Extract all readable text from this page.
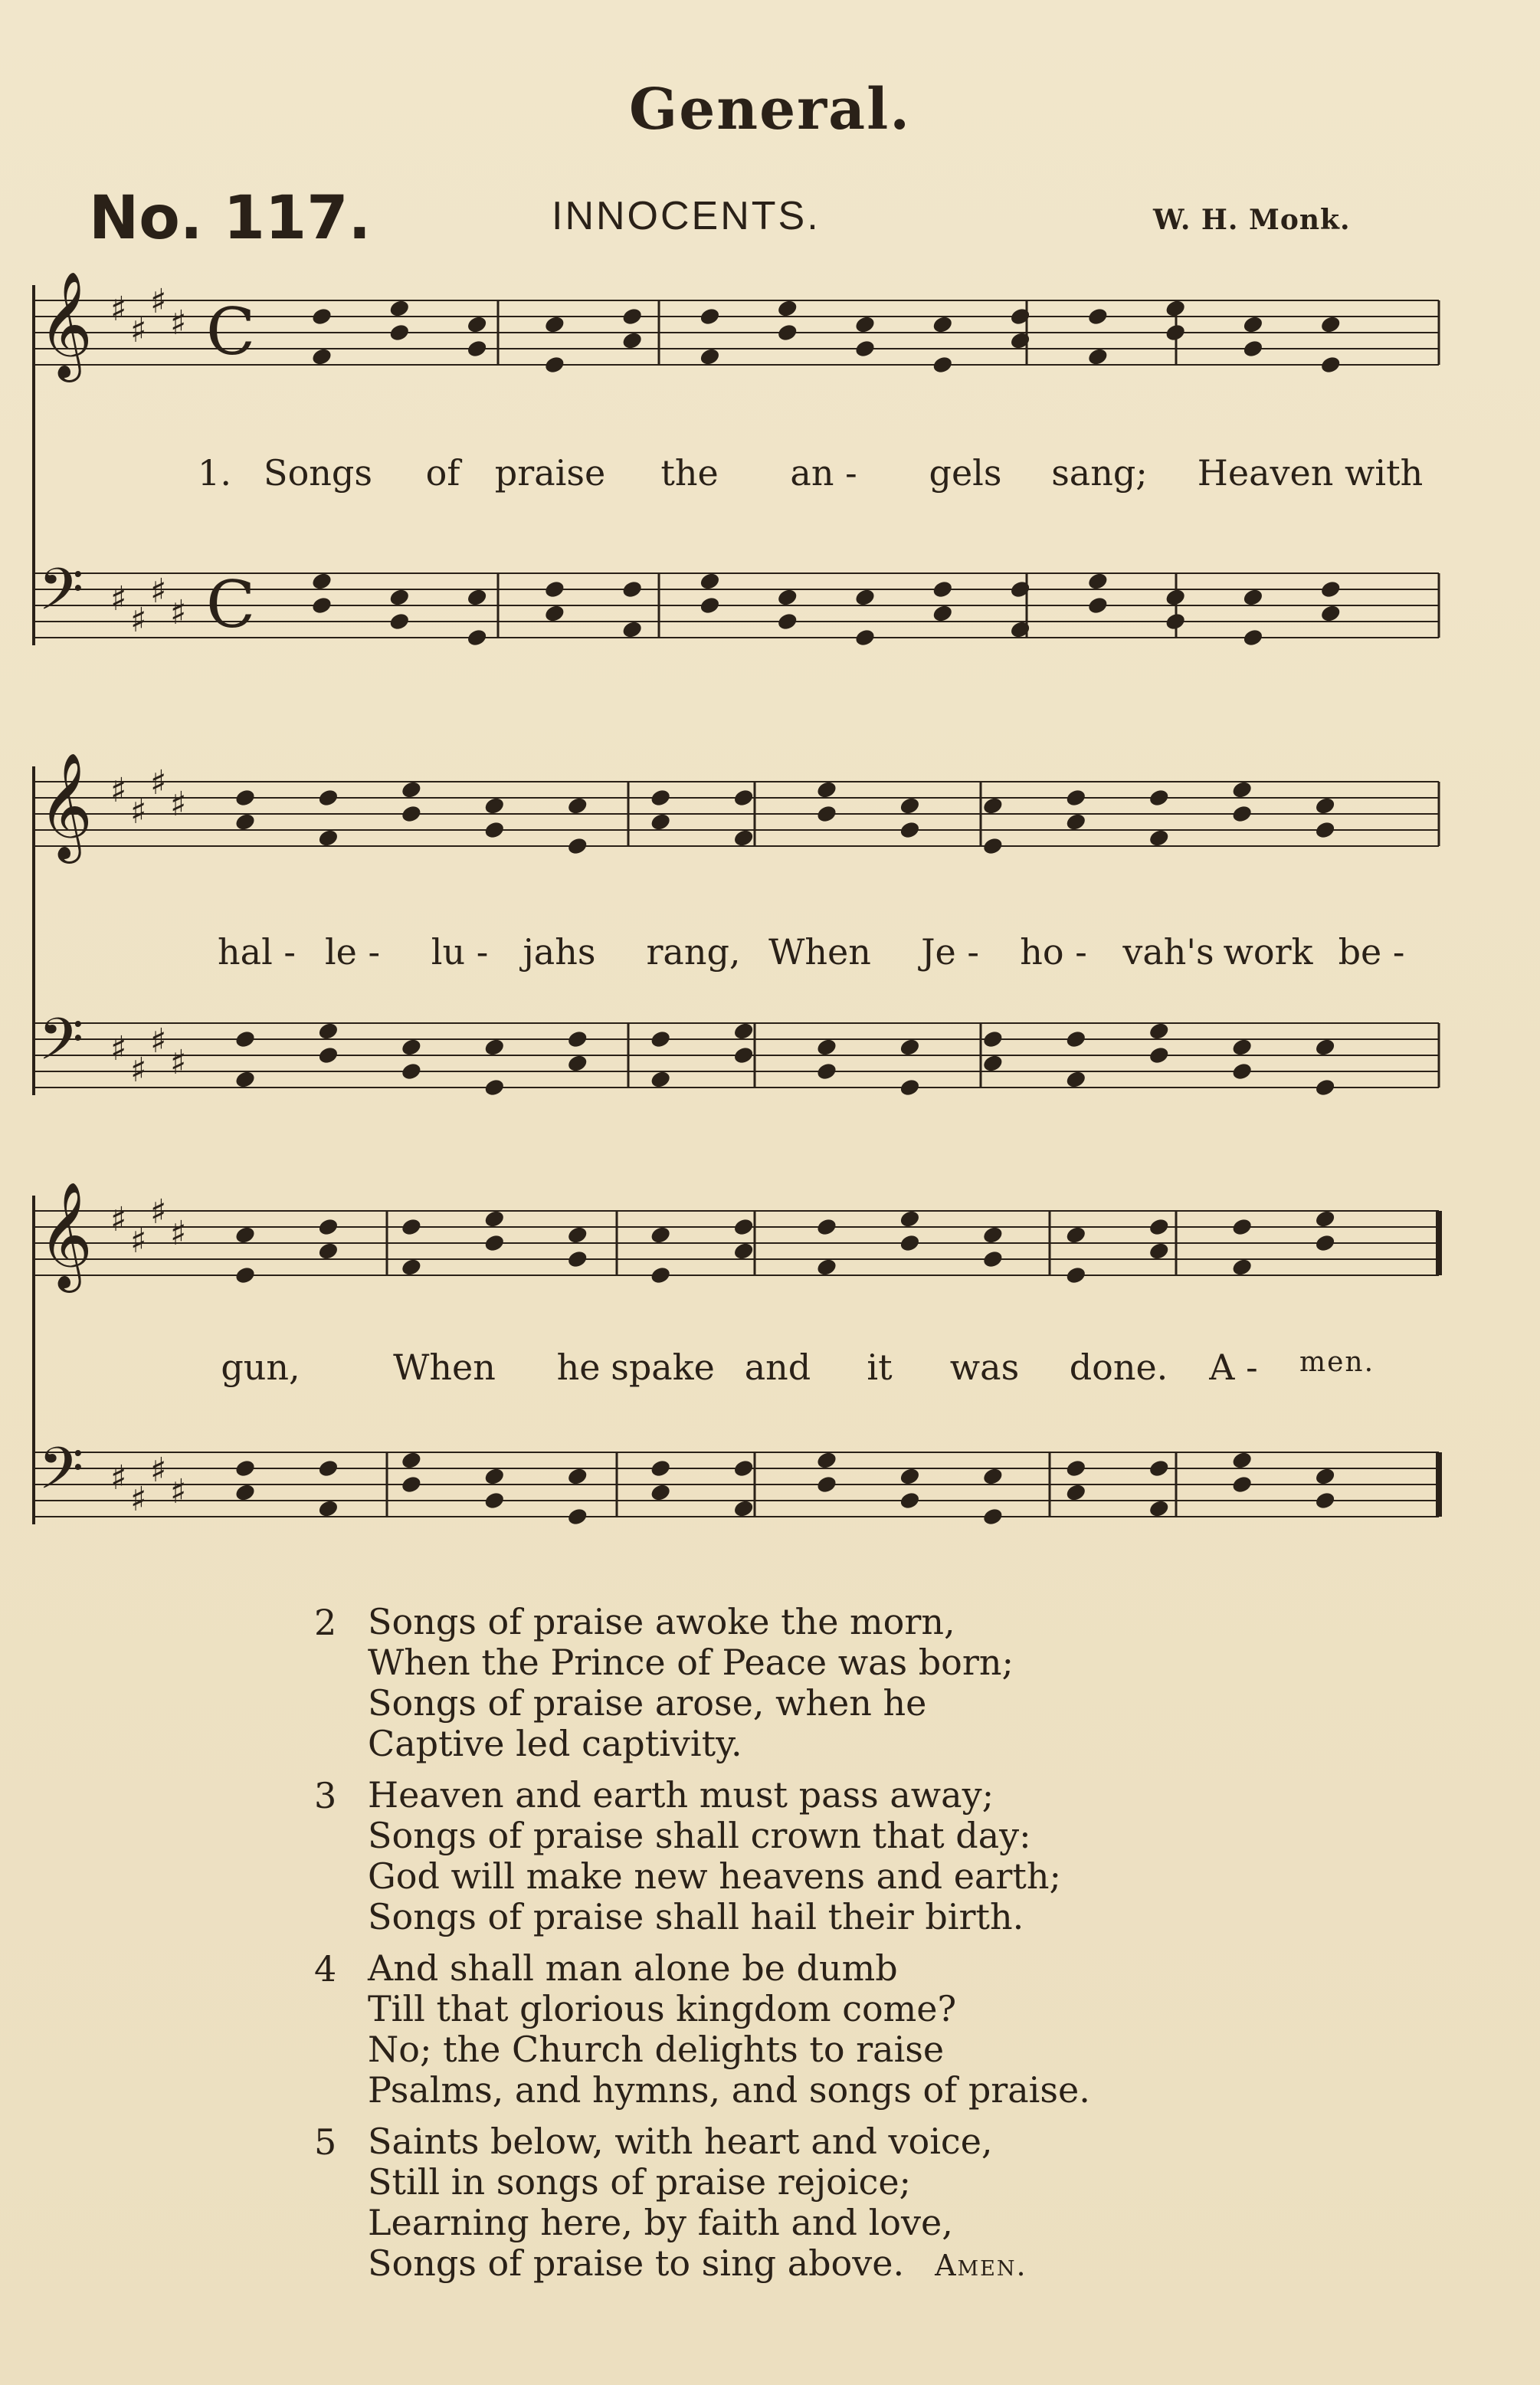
General.
No. 117.	INNOCENTS.	W. H. Monk.
𝄞 ♯
♯
♯
♯ C
𝄢 ♯
♯
♯
♯ C
𝄞 ♯
♯
♯
♯
𝄢 ♯
♯
♯
♯
𝄞 ♯
♯
♯
♯
𝄢 ♯
♯
♯
♯
1. Songs of praise the an - gels sang; Heaven with
hal - le - lu - jahs rang, When Je - ho - vah's work be -
gun,	When he spake and it was done. A - men.
2 Songs of praise awoke the morn,
When the Prince of Peace was born;
Songs of praise arose, when he
Captive led captivity.
3 Heaven and earth must pass away;
Songs of praise shall crown that day:
God will make new heavens and earth;
Songs of praise shall hail their birth.
4 And shall man alone be dumb
Till that glorious kingdom come?
No; the Church delights to raise
Psalms, and hymns, and songs of praise.
5 Saints below, with heart and voice,
Still in songs of praise rejoice;
Learning here, by faith and love,
Songs of praise to sing above. Amen.
